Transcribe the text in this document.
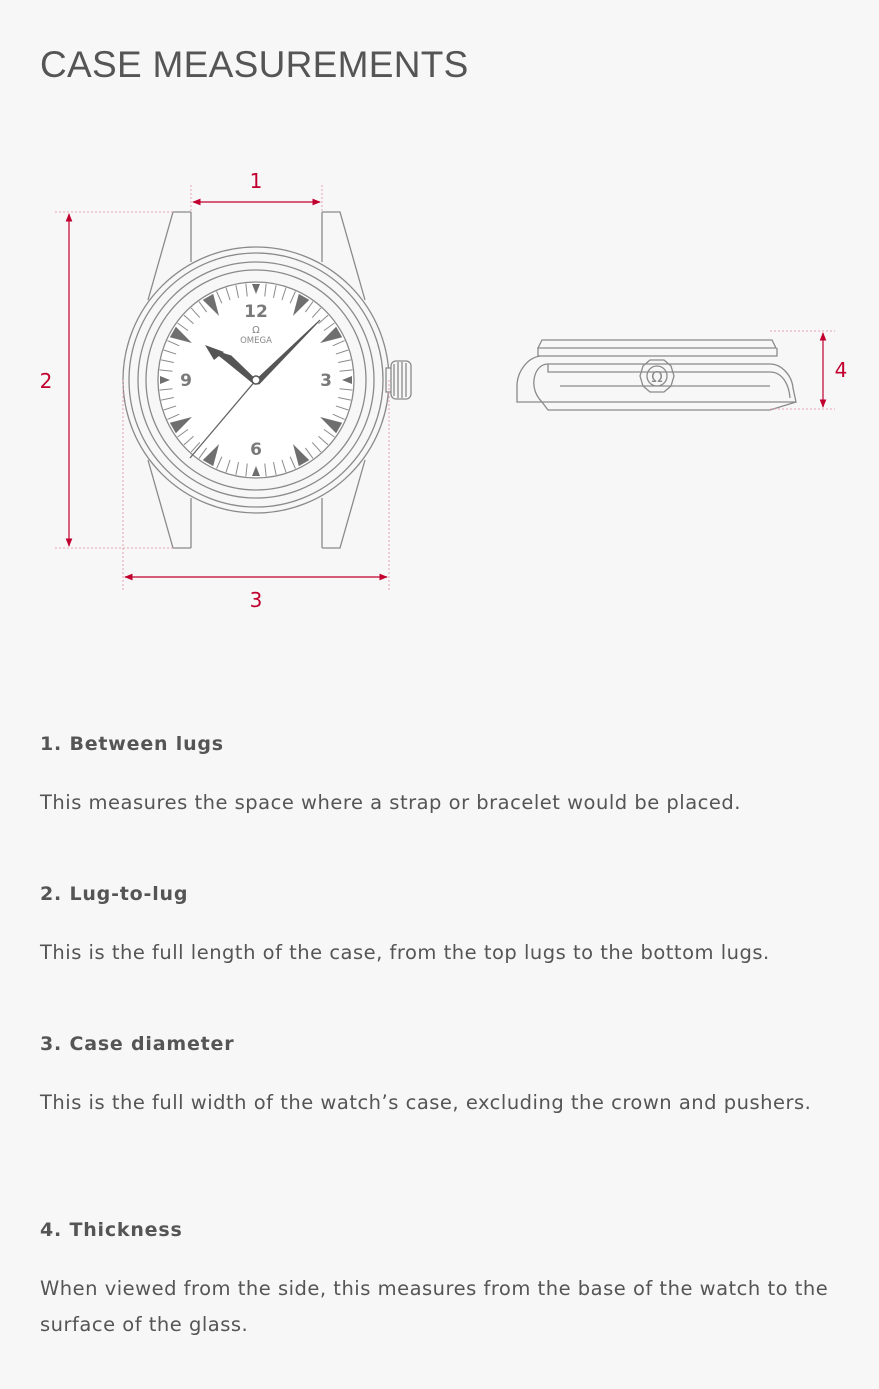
CASE MEASUREMENTS
12
3
6
9
Ω
OMEGA
Ω
1
2
3
4
1. Between lugs

This measures the space where a strap or bracelet would be placed.

2. Lug-to-lug

This is the full length of the case, from the top lugs to the bottom lugs.

3. Case diameter

This is the full width of the watch’s case, excluding the crown and pushers.

4. Thickness

When viewed from the side, this measures from the base of the watch to the surface of the glass.
